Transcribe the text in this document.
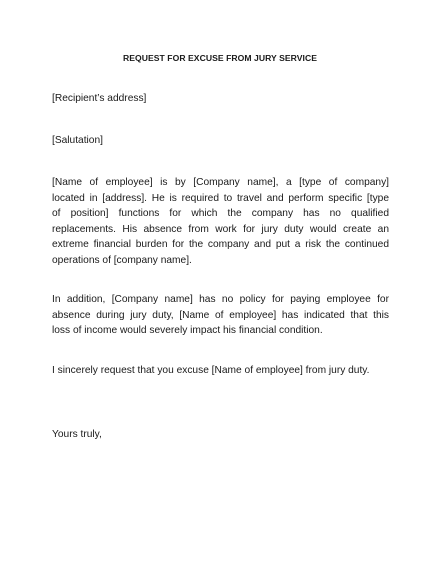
REQUEST FOR EXCUSE FROM JURY SERVICE
[Recipient’s address]
[Salutation]
[Name of employee] is by [Company name], a [type of company]
located in [address]. He is required to travel and perform specific [type
of position] functions for which the company has no qualified
replacements. His absence from work for jury duty would create an
extreme financial burden for the company and put a risk the continued
operations of [company name].
In addition, [Company name] has no policy for paying employee for
absence during jury duty, [Name of employee] has indicated that this
loss of income would severely impact his financial condition.
I sincerely request that you excuse [Name of employee] from jury duty.
Yours truly,
